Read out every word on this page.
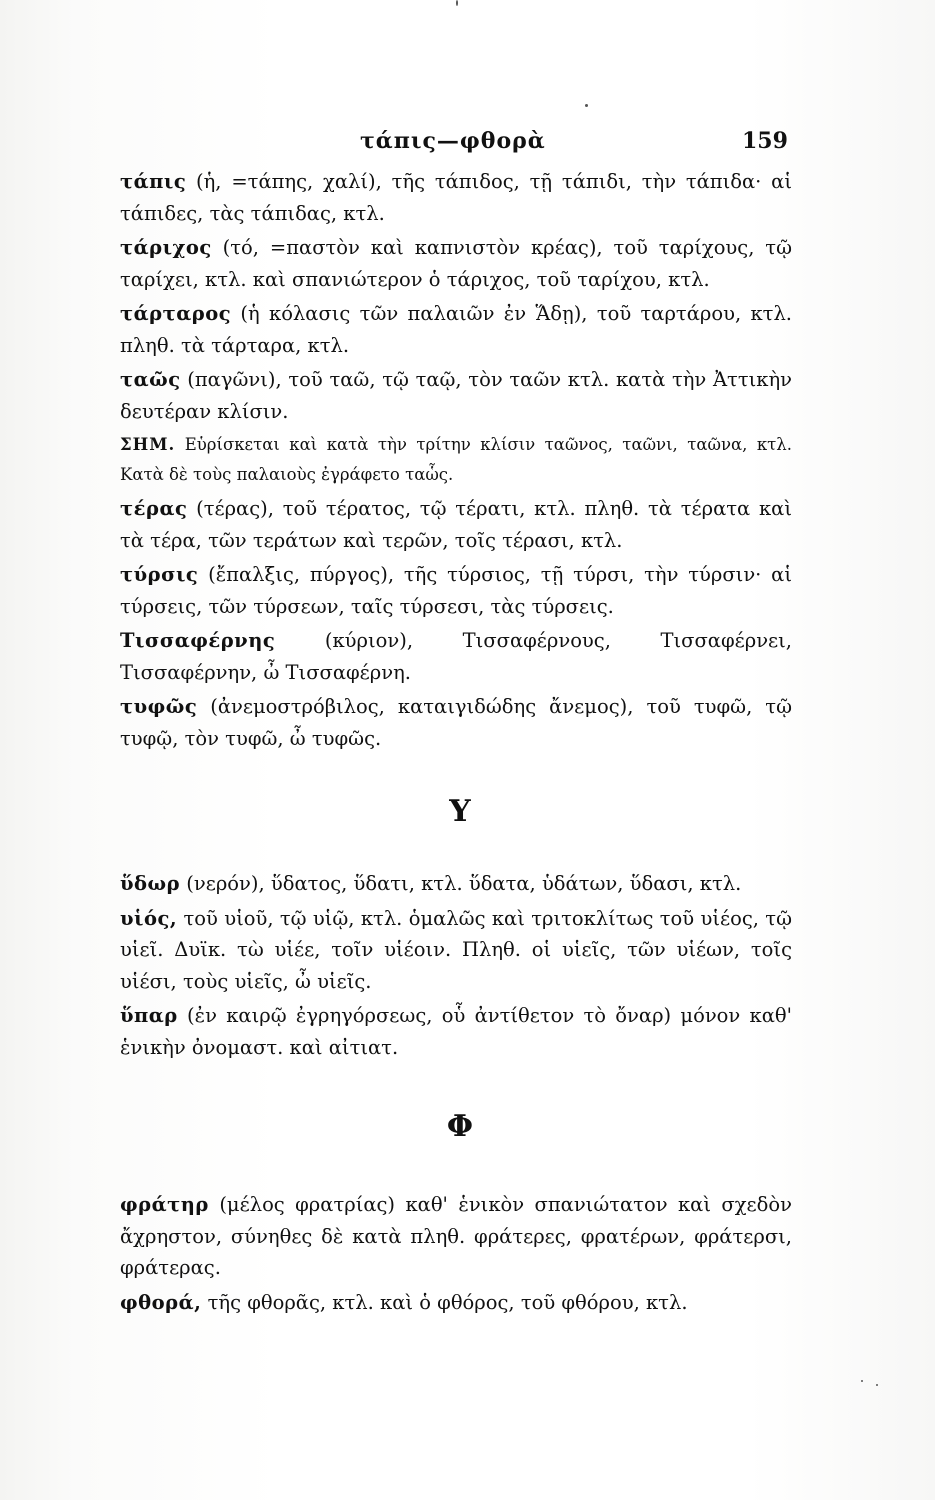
τάπις—φθορὰ	159

τάπις (ἡ, =τάπης, χαλί), τῆς τάπιδος, τῇ τάπιδι, τὴν τάπιδα· αἱ τάπιδες, τὰς τάπιδας, κτλ.

τάριχος (τό, =παστὸν καὶ καπνιστὸν κρέας), τοῦ ταρίχους, τῷ ταρίχει, κτλ. καὶ σπανιώτερον ὁ τάριχος, τοῦ ταρίχου, κτλ.

τάρταρος (ἡ κόλασις τῶν παλαιῶν ἐν Ἅδῃ), τοῦ ταρτάρου, κτλ. πληθ. τὰ τάρταρα, κτλ.

ταῶς (παγῶνι), τοῦ ταῶ, τῷ ταῷ, τὸν ταῶν κτλ. κατὰ τὴν Ἀττικὴν δευτέραν κλίσιν.

ΣΗΜ. Εὑρίσκεται καὶ κατὰ τὴν τρίτην κλίσιν ταῶνος, ταῶνι, ταῶνα, κτλ. Κατὰ δὲ τοὺς παλαιοὺς ἐγράφετο ταὧς.

τέρας (τέρας), τοῦ τέρατος, τῷ τέρατι, κτλ. πληθ. τὰ τέρατα καὶ τὰ τέρα, τῶν τεράτων καὶ τερῶν, τοῖς τέρασι, κτλ.

τύρσις (ἔπαλξις, πύργος), τῆς τύρσιος, τῇ τύρσι, τὴν τύρσιν· αἱ τύρσεις, τῶν τύρσεων, ταῖς τύρσεσι, τὰς τύρσεις.

Τισσαφέρνης (κύριον), Τισσαφέρνους, Τισσαφέρνει, Τισσαφέρνην, ὦ Τισσαφέρνη.

τυφῶς (ἀνεμοστρόβιλος, καταιγιδώδης ἄνεμος), τοῦ τυφῶ, τῷ τυφῷ, τὸν τυφῶ, ὦ τυφῶς.

Υ

ὕδωρ (νερόν), ὕδατος, ὕδατι, κτλ. ὕδατα, ὑδάτων, ὕδασι, κτλ.

υἱός, τοῦ υἱοῦ, τῷ υἱῷ, κτλ. ὁμαλῶς καὶ τριτοκλίτως τοῦ υἱέος, τῷ υἱεῖ. Δυϊκ. τὼ υἱέε, τοῖν υἱέοιν. Πληθ. οἱ υἱεῖς, τῶν υἱέων, τοῖς υἱέσι, τοὺς υἱεῖς, ὦ υἱεῖς.

ὕπαρ (ἐν καιρῷ ἐγρηγόρσεως, οὗ ἀντίθετον τὸ ὄναρ) μόνον καθ' ἑνικὴν ὀνομαστ. καὶ αἰτιατ.

Φ

φράτηρ (μέλος φρατρίας) καθ' ἑνικὸν σπανιώτατον καὶ σχεδὸν ἄχρηστον, σύνηθες δὲ κατὰ πληθ. φράτερες, φρατέρων, φράτερσι, φράτερας.

φθορά, τῆς φθορᾶς, κτλ. καὶ ὁ φθόρος, τοῦ φθόρου, κτλ.
